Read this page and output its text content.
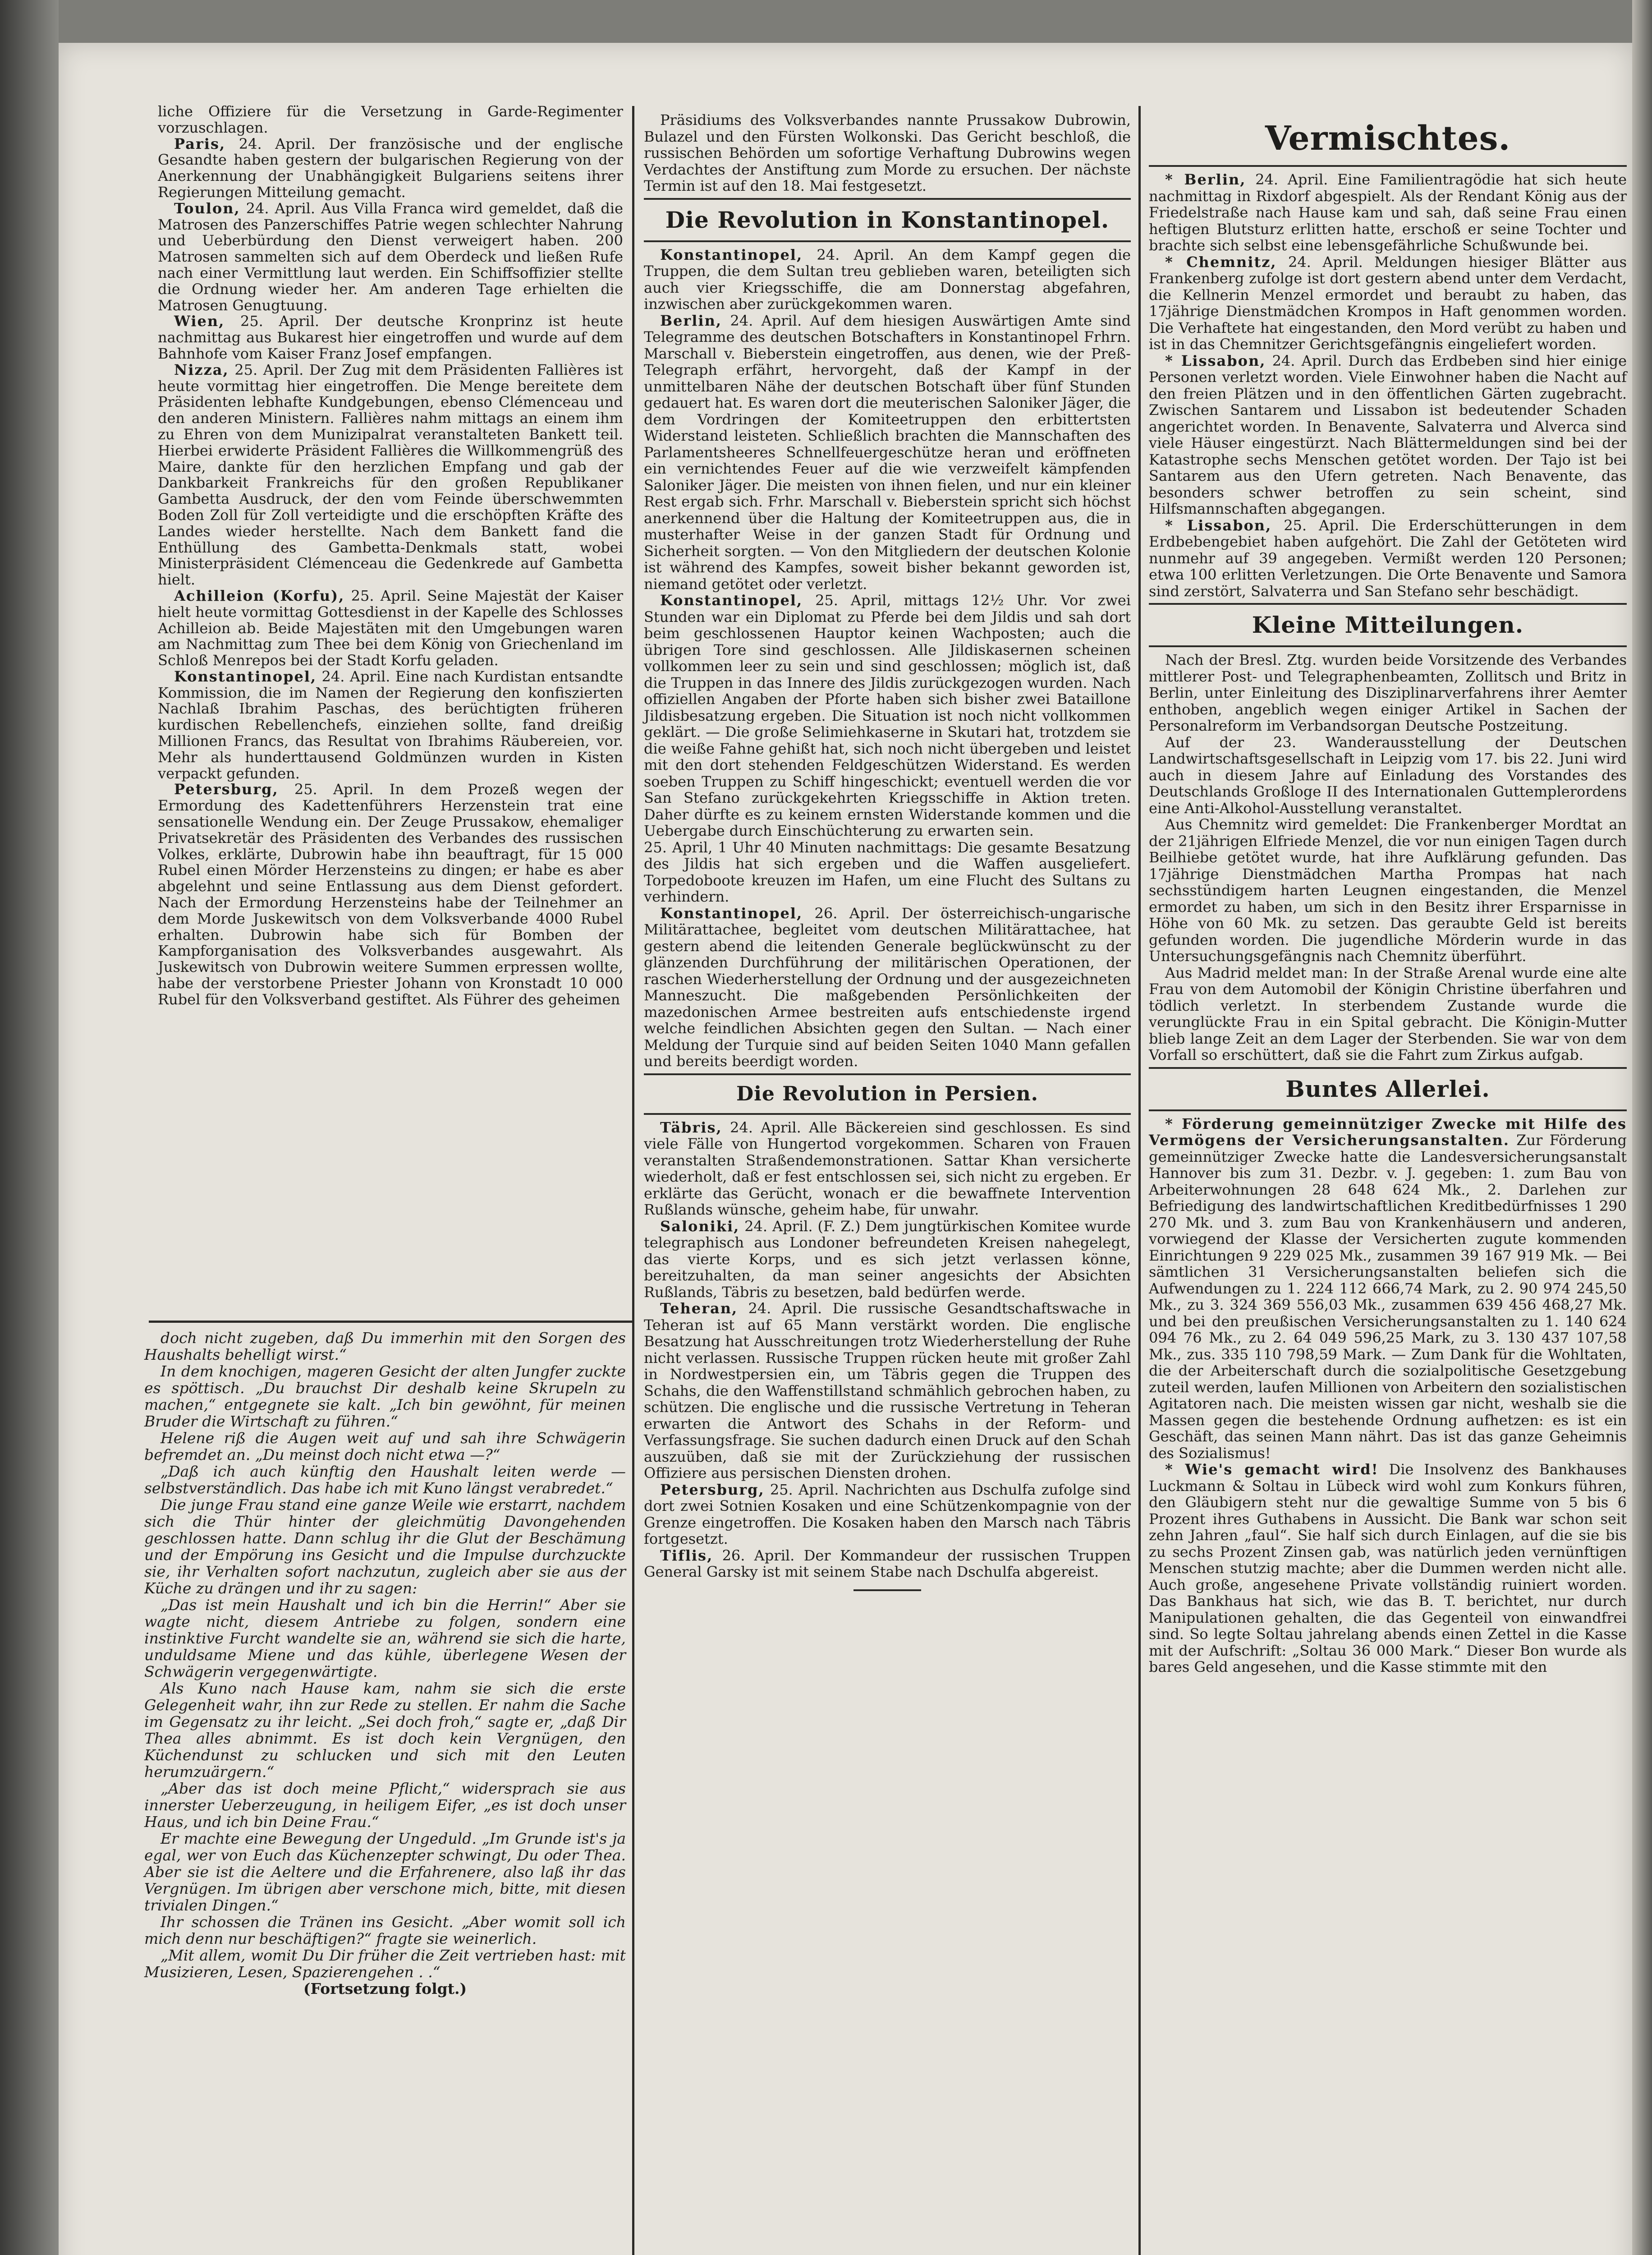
liche Offiziere für die Versetzung in Garde-Regimenter vorzuschlagen.

Paris, 24. April. Der französische und der englische Gesandte haben gestern der bulgarischen Regierung von der Anerkennung der Unabhängigkeit Bulgariens seitens ihrer Regierungen Mitteilung gemacht.

Toulon, 24. April. Aus Villa Franca wird gemeldet, daß die Matrosen des Panzerschiffes Patrie wegen schlechter Nahrung und Ueberbürdung den Dienst verweigert haben. 200 Matrosen sammelten sich auf dem Oberdeck und ließen Rufe nach einer Vermittlung laut werden. Ein Schiffsoffizier stellte die Ordnung wieder her. Am anderen Tage erhielten die Matrosen Genugtuung.

Wien, 25. April. Der deutsche Kronprinz ist heute nachmittag aus Bukarest hier eingetroffen und wurde auf dem Bahnhofe vom Kaiser Franz Josef empfangen.

Nizza, 25. April. Der Zug mit dem Präsidenten Fallières ist heute vormittag hier eingetroffen. Die Menge bereitete dem Präsidenten lebhafte Kundgebungen, ebenso Clémenceau und den anderen Ministern. Fallières nahm mittags an einem ihm zu Ehren von dem Munizipalrat veranstalteten Bankett teil. Hierbei erwiderte Präsident Fallières die Willkommengrüß des Maire, dankte für den herzlichen Empfang und gab der Dankbarkeit Frankreichs für den großen Republikaner Gambetta Ausdruck, der den vom Feinde überschwemmten Boden Zoll für Zoll verteidigte und die erschöpften Kräfte des Landes wieder herstellte. Nach dem Bankett fand die Enthüllung des Gambetta-Denkmals statt, wobei Ministerpräsident Clémenceau die Gedenkrede auf Gambetta hielt.

Achilleion (Korfu), 25. April. Seine Majestät der Kaiser hielt heute vormittag Gottesdienst in der Kapelle des Schlosses Achilleion ab. Beide Majestäten mit den Umgebungen waren am Nachmittag zum Thee bei dem König von Griechenland im Schloß Menrepos bei der Stadt Korfu geladen.

Konstantinopel, 24. April. Eine nach Kurdistan entsandte Kommission, die im Namen der Regierung den konfiszierten Nachlaß Ibrahim Paschas, des berüchtigten früheren kurdischen Rebellenchefs, einziehen sollte, fand dreißig Millionen Francs, das Resultat von Ibrahims Räubereien, vor. Mehr als hunderttausend Goldmünzen wurden in Kisten verpackt gefunden.

Petersburg, 25. April. In dem Prozeß wegen der Ermordung des Kadettenführers Herzenstein trat eine sensationelle Wendung ein. Der Zeuge Prussakow, ehemaliger Privatsekretär des Präsidenten des Verbandes des russischen Volkes, erklärte, Dubrowin habe ihn beauftragt, für 15 000 Rubel einen Mörder Herzensteins zu dingen; er habe es aber abgelehnt und seine Entlassung aus dem Dienst gefordert. Nach der Ermordung Herzensteins habe der Teilnehmer an dem Morde Juskewitsch von dem Volksverbande 4000 Rubel erhalten. Dubrowin habe sich für Bomben der Kampforganisation des Volksverbandes ausgewahrt. Als Juskewitsch von Dubrowin weitere Summen erpressen wollte, habe der verstorbene Priester Johann von Kronstadt 10 000 Rubel für den Volksverband gestiftet. Als Führer des geheimen

doch nicht zugeben, daß Du immerhin mit den Sorgen des Haushalts behelligt wirst.“

In dem knochigen, mageren Gesicht der alten Jungfer zuckte es spöttisch. „Du brauchst Dir deshalb keine Skrupeln zu machen,“ entgegnete sie kalt. „Ich bin gewöhnt, für meinen Bruder die Wirtschaft zu führen.“

Helene riß die Augen weit auf und sah ihre Schwägerin befremdet an. „Du meinst doch nicht etwa —?“

„Daß ich auch künftig den Haushalt leiten werde — selbstverständlich. Das habe ich mit Kuno längst verabredet.“

Die junge Frau stand eine ganze Weile wie erstarrt, nachdem sich die Thür hinter der gleichmütig Davongehenden geschlossen hatte. Dann schlug ihr die Glut der Beschämung und der Empörung ins Gesicht und die Impulse durchzuckte sie, ihr Verhalten sofort nachzutun, zugleich aber sie aus der Küche zu drängen und ihr zu sagen:

„Das ist mein Haushalt und ich bin die Herrin!“ Aber sie wagte nicht, diesem Antriebe zu folgen, sondern eine instinktive Furcht wandelte sie an, während sie sich die harte, unduldsame Miene und das kühle, überlegene Wesen der Schwägerin vergegenwärtigte.

Als Kuno nach Hause kam, nahm sie sich die erste Gelegenheit wahr, ihn zur Rede zu stellen. Er nahm die Sache im Gegensatz zu ihr leicht. „Sei doch froh,“ sagte er, „daß Dir Thea alles abnimmt. Es ist doch kein Vergnügen, den Küchendunst zu schlucken und sich mit den Leuten herumzuärgern.“

„Aber das ist doch meine Pflicht,“ widersprach sie aus innerster Ueberzeugung, in heiligem Eifer, „es ist doch unser Haus, und ich bin Deine Frau.“

Er machte eine Bewegung der Ungeduld. „Im Grunde ist's ja egal, wer von Euch das Küchenzepter schwingt, Du oder Thea. Aber sie ist die Aeltere und die Erfahrenere, also laß ihr das Vergnügen. Im übrigen aber verschone mich, bitte, mit diesen trivialen Dingen.“

Ihr schossen die Tränen ins Gesicht. „Aber womit soll ich mich denn nur beschäftigen?“ fragte sie weinerlich.

„Mit allem, womit Du Dir früher die Zeit vertrieben hast: mit Musizieren, Lesen, Spazierengehen . .“

(Fortsetzung folgt.)

Präsidiums des Volksverbandes nannte Prussakow Dubrowin, Bulazel und den Fürsten Wolkonski. Das Gericht beschloß, die russischen Behörden um sofortige Verhaftung Dubrowins wegen Verdachtes der Anstiftung zum Morde zu ersuchen. Der nächste Termin ist auf den 18. Mai festgesetzt.

Die Revolution in Konstantinopel.

Konstantinopel, 24. April. An dem Kampf gegen die Truppen, die dem Sultan treu geblieben waren, beteiligten sich auch vier Kriegsschiffe, die am Donnerstag abgefahren, inzwischen aber zurückgekommen waren.

Berlin, 24. April. Auf dem hiesigen Auswärtigen Amte sind Telegramme des deutschen Botschafters in Konstantinopel Frhrn. Marschall v. Bieberstein eingetroffen, aus denen, wie der Preß-Telegraph erfährt, hervorgeht, daß der Kampf in der unmittelbaren Nähe der deutschen Botschaft über fünf Stunden gedauert hat. Es waren dort die meuterischen Saloniker Jäger, die dem Vordringen der Komiteetruppen den erbittertsten Widerstand leisteten. Schließlich brachten die Mannschaften des Parlamentsheeres Schnellfeuergeschütze heran und eröffneten ein vernichtendes Feuer auf die wie verzweifelt kämpfenden Saloniker Jäger. Die meisten von ihnen fielen, und nur ein kleiner Rest ergab sich. Frhr. Marschall v. Bieberstein spricht sich höchst anerkennend über die Haltung der Komiteetruppen aus, die in musterhafter Weise in der ganzen Stadt für Ordnung und Sicherheit sorgten. — Von den Mitgliedern der deutschen Kolonie ist während des Kampfes, soweit bisher bekannt geworden ist, niemand getötet oder verletzt.

Konstantinopel, 25. April, mittags 12½ Uhr. Vor zwei Stunden war ein Diplomat zu Pferde bei dem Jildis und sah dort beim geschlossenen Hauptor keinen Wachposten; auch die übrigen Tore sind geschlossen. Alle Jildiskasernen scheinen vollkommen leer zu sein und sind geschlossen; möglich ist, daß die Truppen in das Innere des Jildis zurückgezogen wurden. Nach offiziellen Angaben der Pforte haben sich bisher zwei Bataillone Jildisbesatzung ergeben. Die Situation ist noch nicht vollkommen geklärt. — Die große Selimiehkaserne in Skutari hat, trotzdem sie die weiße Fahne gehißt hat, sich noch nicht übergeben und leistet mit den dort stehenden Feldgeschützen Widerstand. Es werden soeben Truppen zu Schiff hingeschickt; eventuell werden die vor San Stefano zurückgekehrten Kriegsschiffe in Aktion treten. Daher dürfte es zu keinem ernsten Widerstande kommen und die Uebergabe durch Einschüchterung zu erwarten sein.

25. April, 1 Uhr 40 Minuten nachmittags: Die gesamte Besatzung des Jildis hat sich ergeben und die Waffen ausgeliefert. Torpedoboote kreuzen im Hafen, um eine Flucht des Sultans zu verhindern.

Konstantinopel, 26. April. Der österreichisch-ungarische Militärattachee, begleitet vom deutschen Militärattachee, hat gestern abend die leitenden Generale beglückwünscht zu der glänzenden Durchführung der militärischen Operationen, der raschen Wiederherstellung der Ordnung und der ausgezeichneten Manneszucht. Die maßgebenden Persönlichkeiten der mazedonischen Armee bestreiten aufs entschiedenste irgend welche feindlichen Absichten gegen den Sultan. — Nach einer Meldung der Turquie sind auf beiden Seiten 1040 Mann gefallen und bereits beerdigt worden.

Die Revolution in Persien.

Täbris, 24. April. Alle Bäckereien sind geschlossen. Es sind viele Fälle von Hungertod vorgekommen. Scharen von Frauen veranstalten Straßendemonstrationen. Sattar Khan versicherte wiederholt, daß er fest entschlossen sei, sich nicht zu ergeben. Er erklärte das Gerücht, wonach er die bewaffnete Intervention Rußlands wünsche, geheim habe, für unwahr.

Saloniki, 24. April. (F. Z.) Dem jungtürkischen Komitee wurde telegraphisch aus Londoner befreundeten Kreisen nahegelegt, das vierte Korps, und es sich jetzt verlassen könne, bereitzuhalten, da man seiner angesichts der Absichten Rußlands, Täbris zu besetzen, bald bedürfen werde.

Teheran, 24. April. Die russische Gesandtschaftswache in Teheran ist auf 65 Mann verstärkt worden. Die englische Besatzung hat Ausschreitungen trotz Wiederherstellung der Ruhe nicht verlassen. Russische Truppen rücken heute mit großer Zahl in Nordwestpersien ein, um Täbris gegen die Truppen des Schahs, die den Waffenstillstand schmählich gebrochen haben, zu schützen. Die englische und die russische Vertretung in Teheran erwarten die Antwort des Schahs in der Reform- und Verfassungsfrage. Sie suchen dadurch einen Druck auf den Schah auszuüben, daß sie mit der Zurückziehung der russischen Offiziere aus persischen Diensten drohen.

Petersburg, 25. April. Nachrichten aus Dschulfa zufolge sind dort zwei Sotnien Kosaken und eine Schützenkompagnie von der Grenze eingetroffen. Die Kosaken haben den Marsch nach Täbris fortgesetzt.

Tiflis, 26. April. Der Kommandeur der russischen Truppen General Garsky ist mit seinem Stabe nach Dschulfa abgereist.

Vermischtes.

* Berlin, 24. April. Eine Familientragödie hat sich heute nachmittag in Rixdorf abgespielt. Als der Rendant König aus der Friedelstraße nach Hause kam und sah, daß seine Frau einen heftigen Blutsturz erlitten hatte, erschoß er seine Tochter und brachte sich selbst eine lebensgefährliche Schußwunde bei.

* Chemnitz, 24. April. Meldungen hiesiger Blätter aus Frankenberg zufolge ist dort gestern abend unter dem Verdacht, die Kellnerin Menzel ermordet und beraubt zu haben, das 17jährige Dienstmädchen Krompos in Haft genommen worden. Die Verhaftete hat eingestanden, den Mord verübt zu haben und ist in das Chemnitzer Gerichtsgefängnis eingeliefert worden.

* Lissabon, 24. April. Durch das Erdbeben sind hier einige Personen verletzt worden. Viele Einwohner haben die Nacht auf den freien Plätzen und in den öffentlichen Gärten zugebracht. Zwischen Santarem und Lissabon ist bedeutender Schaden angerichtet worden. In Benavente, Salvaterra und Alverca sind viele Häuser eingestürzt. Nach Blättermeldungen sind bei der Katastrophe sechs Menschen getötet worden. Der Tajo ist bei Santarem aus den Ufern getreten. Nach Benavente, das besonders schwer betroffen zu sein scheint, sind Hilfsmannschaften abgegangen.

* Lissabon, 25. April. Die Erderschütterungen in dem Erdbebengebiet haben aufgehört. Die Zahl der Getöteten wird nunmehr auf 39 angegeben. Vermißt werden 120 Personen; etwa 100 erlitten Verletzungen. Die Orte Benavente und Samora sind zerstört, Salvaterra und San Stefano sehr beschädigt.

Kleine Mitteilungen.

Nach der Bresl. Ztg. wurden beide Vorsitzende des Verbandes mittlerer Post- und Telegraphenbeamten, Zollitsch und Britz in Berlin, unter Einleitung des Disziplinarverfahrens ihrer Aemter enthoben, angeblich wegen einiger Artikel in Sachen der Personalreform im Verbandsorgan Deutsche Postzeitung.

Auf der 23. Wanderausstellung der Deutschen Landwirtschaftsgesellschaft in Leipzig vom 17. bis 22. Juni wird auch in diesem Jahre auf Einladung des Vorstandes des Deutschlands Großloge II des Internationalen Guttemplerordens eine Anti-Alkohol-Ausstellung veranstaltet.

Aus Chemnitz wird gemeldet: Die Frankenberger Mordtat an der 21jährigen Elfriede Menzel, die vor nun einigen Tagen durch Beilhiebe getötet wurde, hat ihre Aufklärung gefunden. Das 17jährige Dienstmädchen Martha Prompas hat nach sechsstündigem harten Leugnen eingestanden, die Menzel ermordet zu haben, um sich in den Besitz ihrer Ersparnisse in Höhe von 60 Mk. zu setzen. Das geraubte Geld ist bereits gefunden worden. Die jugendliche Mörderin wurde in das Untersuchungsgefängnis nach Chemnitz überführt.

Aus Madrid meldet man: In der Straße Arenal wurde eine alte Frau von dem Automobil der Königin Christine überfahren und tödlich verletzt. In sterbendem Zustande wurde die verunglückte Frau in ein Spital gebracht. Die Königin-Mutter blieb lange Zeit an dem Lager der Sterbenden. Sie war von dem Vorfall so erschüttert, daß sie die Fahrt zum Zirkus aufgab.

Buntes Allerlei.

* Förderung gemeinnütziger Zwecke mit Hilfe des Vermögens der Versicherungsanstalten. Zur Förderung gemeinnütziger Zwecke hatte die Landesversicherungsanstalt Hannover bis zum 31. Dezbr. v. J. gegeben: 1. zum Bau von Arbeiterwohnungen 28 648 624 Mk., 2. Darlehen zur Befriedigung des landwirtschaftlichen Kreditbedürfnisses 1 290 270 Mk. und 3. zum Bau von Krankenhäusern und anderen, vorwiegend der Klasse der Versicherten zugute kommenden Einrichtungen 9 229 025 Mk., zusammen 39 167 919 Mk. — Bei sämtlichen 31 Versicherungsanstalten beliefen sich die Aufwendungen zu 1. 224 112 666,74 Mark, zu 2. 90 974 245,50 Mk., zu 3. 324 369 556,03 Mk., zusammen 639 456 468,27 Mk. und bei den preußischen Versicherungsanstalten zu 1. 140 624 094 76 Mk., zu 2. 64 049 596,25 Mark, zu 3. 130 437 107,58 Mk., zus. 335 110 798,59 Mark. — Zum Dank für die Wohltaten, die der Arbeiterschaft durch die sozialpolitische Gesetzgebung zuteil werden, laufen Millionen von Arbeitern den sozialistischen Agitatoren nach. Die meisten wissen gar nicht, weshalb sie die Massen gegen die bestehende Ordnung aufhetzen: es ist ein Geschäft, das seinen Mann nährt. Das ist das ganze Geheimnis des Sozialismus!

* Wie's gemacht wird! Die Insolvenz des Bankhauses Luckmann & Soltau in Lübeck wird wohl zum Konkurs führen, den Gläubigern steht nur die gewaltige Summe von 5 bis 6 Prozent ihres Guthabens in Aussicht. Die Bank war schon seit zehn Jahren „faul“. Sie half sich durch Einlagen, auf die sie bis zu sechs Prozent Zinsen gab, was natürlich jeden vernünftigen Menschen stutzig machte; aber die Dummen werden nicht alle. Auch große, angesehene Private vollständig ruiniert worden. Das Bankhaus hat sich, wie das B. T. berichtet, nur durch Manipulationen gehalten, die das Gegenteil von einwandfrei sind. So legte Soltau jahrelang abends einen Zettel in die Kasse mit der Aufschrift: „Soltau 36 000 Mark.“ Dieser Bon wurde als bares Geld angesehen, und die Kasse stimmte mit den
